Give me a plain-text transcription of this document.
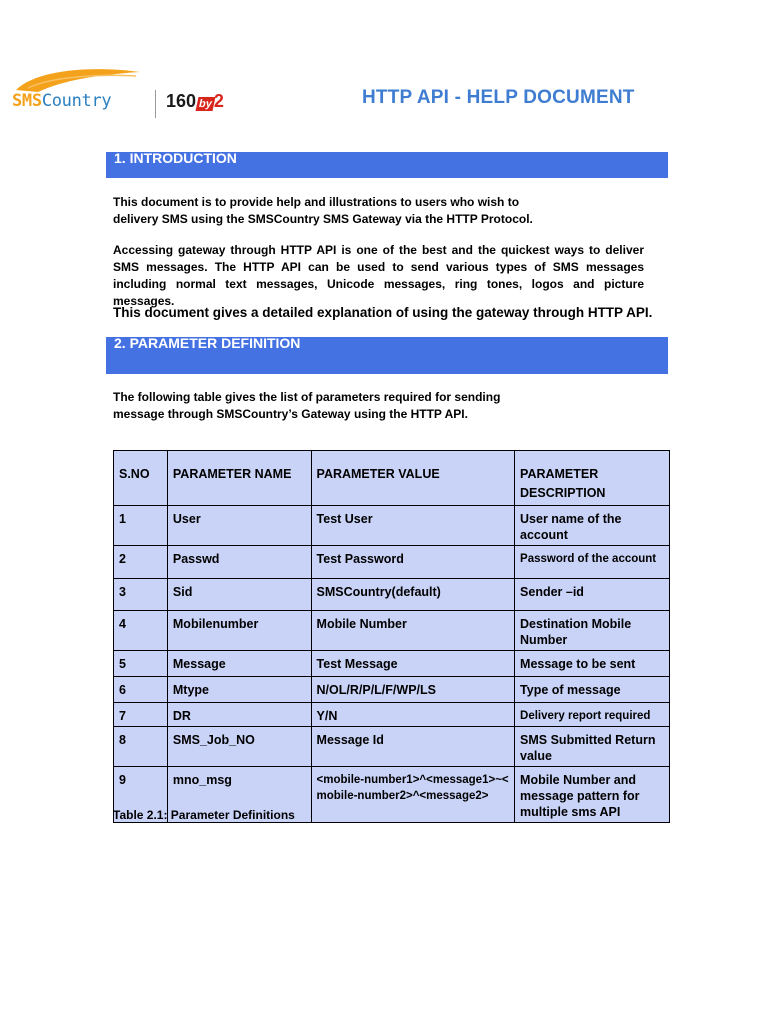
SMSCountry	160 by2	HTTP API - HELP DOCUMENT
1. INTRODUCTION
This document is to provide help and illustrations to users who wish to
delivery SMS using the SMSCountry SMS Gateway via the HTTP Protocol.
Accessing gateway through HTTP API is one of the best and the quickest ways to deliver SMS messages. The HTTP API can be used to send various types of SMS messages including normal text messages, Unicode messages, ring tones, logos and picture messages.
This document gives a detailed explanation of using the gateway through HTTP API.
2. PARAMETER DEFINITION
The following table gives the list of parameters required for sending
message through SMSCountry’s Gateway using the HTTP API.
S.NO	PARAMETER NAME	PARAMETER VALUE	PARAMETER DESCRIPTION
1	User	Test User	User name of the account
2	Passwd	Test Password	Password of the account
3	Sid	SMSCountry(default)	Sender –id
4	Mobilenumber	Mobile Number	Destination Mobile Number
5	Message	Test Message	Message to be sent
6	Mtype	N/OL/R/P/L/F/WP/LS	Type of message
7	DR	Y/N	Delivery report required
8	SMS_Job_NO	Message Id	SMS Submitted Return value
9	mno_msg	<mobile-number1>^<message1>~<mobile-number2>^<message2>	Mobile Number and message pattern for multiple sms API
Table 2.1: Parameter Definitions
